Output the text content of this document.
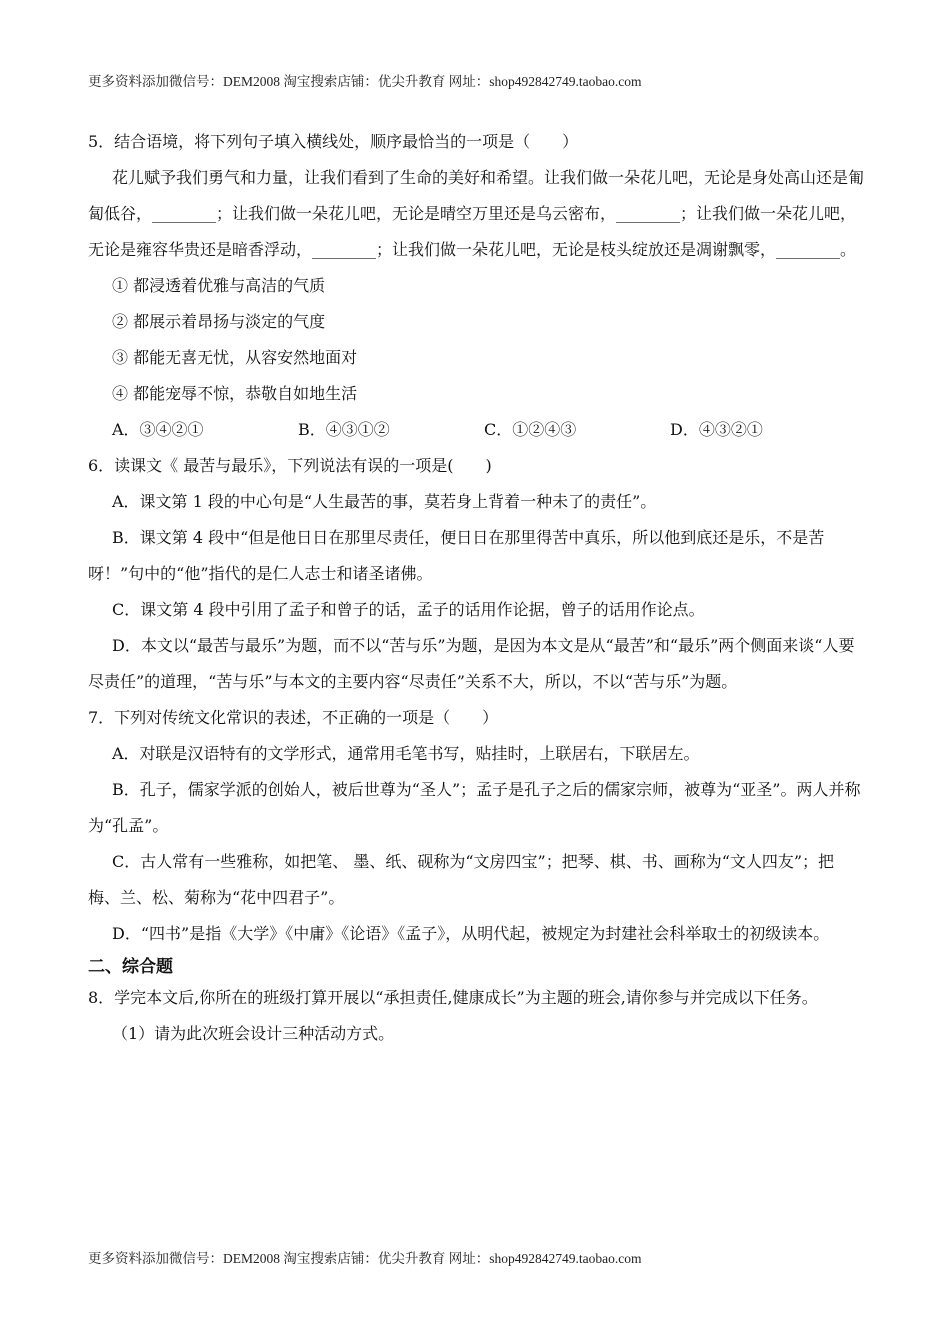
更多资料添加微信号：DEM2008 淘宝搜索店铺：优尖升教育 网址：shop492842749.taobao.com

5．结合语境，将下列句子填入横线处，顺序最恰当的一项是（　　）

花儿赋予我们勇气和力量，让我们看到了生命的美好和希望。让我们做一朵花儿吧，无论是身处高山还是匍匐低谷，________；让我们做一朵花儿吧，无论是晴空万里还是乌云密布，________；让我们做一朵花儿吧，无论是雍容华贵还是暗香浮动，________；让我们做一朵花儿吧，无论是枝头绽放还是凋谢飘零，________。

① 都浸透着优雅与高洁的气质

② 都展示着昂扬与淡定的气度

③ 都能无喜无忧，从容安然地面对

④ 都能宠辱不惊，恭敬自如地生活

A．③④②①	B．④③①②	C．①②④③	D．④③②①

6．读课文《 最苦与最乐》，下列说法有误的一项是(　　)

A．课文第 1 段的中心句是“人生最苦的事，莫若身上背着一种未了的责任”。

B．课文第 4 段中“但是他日日在那里尽责任，便日日在那里得苦中真乐，所以他到底还是乐，不是苦呀！”句中的“他”指代的是仁人志士和诸圣诸佛。

C．课文第 4 段中引用了孟子和曾子的话，孟子的话用作论据，曾子的话用作论点。

D．本文以“最苦与最乐”为题，而不以“苦与乐”为题，是因为本文是从“最苦”和“最乐”两个侧面来谈“人要尽责任”的道理，“苦与乐”与本文的主要内容“尽责任”关系不大，所以，不以“苦与乐”为题。

7．下列对传统文化常识的表述，不正确的一项是（　　）

A．对联是汉语特有的文学形式，通常用毛笔书写，贴挂时，上联居右，下联居左。

B．孔子，儒家学派的创始人，被后世尊为“圣人”；孟子是孔子之后的儒家宗师，被尊为“亚圣”。两人并称为“孔孟”。

C．古人常有一些雅称，如把笔、 墨、纸、砚称为“文房四宝”；把琴、棋、书、画称为“文人四友”；把梅、兰、松、菊称为“花中四君子”。

D．“四书”是指《大学》《中庸》《论语》《孟子》，从明代起，被规定为封建社会科举取士的初级读本。

二、综合题

8．学完本文后,你所在的班级打算开展以“承担责任,健康成长”为主题的班会,请你参与并完成以下任务。

（1）请为此次班会设计三种活动方式。

更多资料添加微信号：DEM2008 淘宝搜索店铺：优尖升教育 网址：shop492842749.taobao.com
